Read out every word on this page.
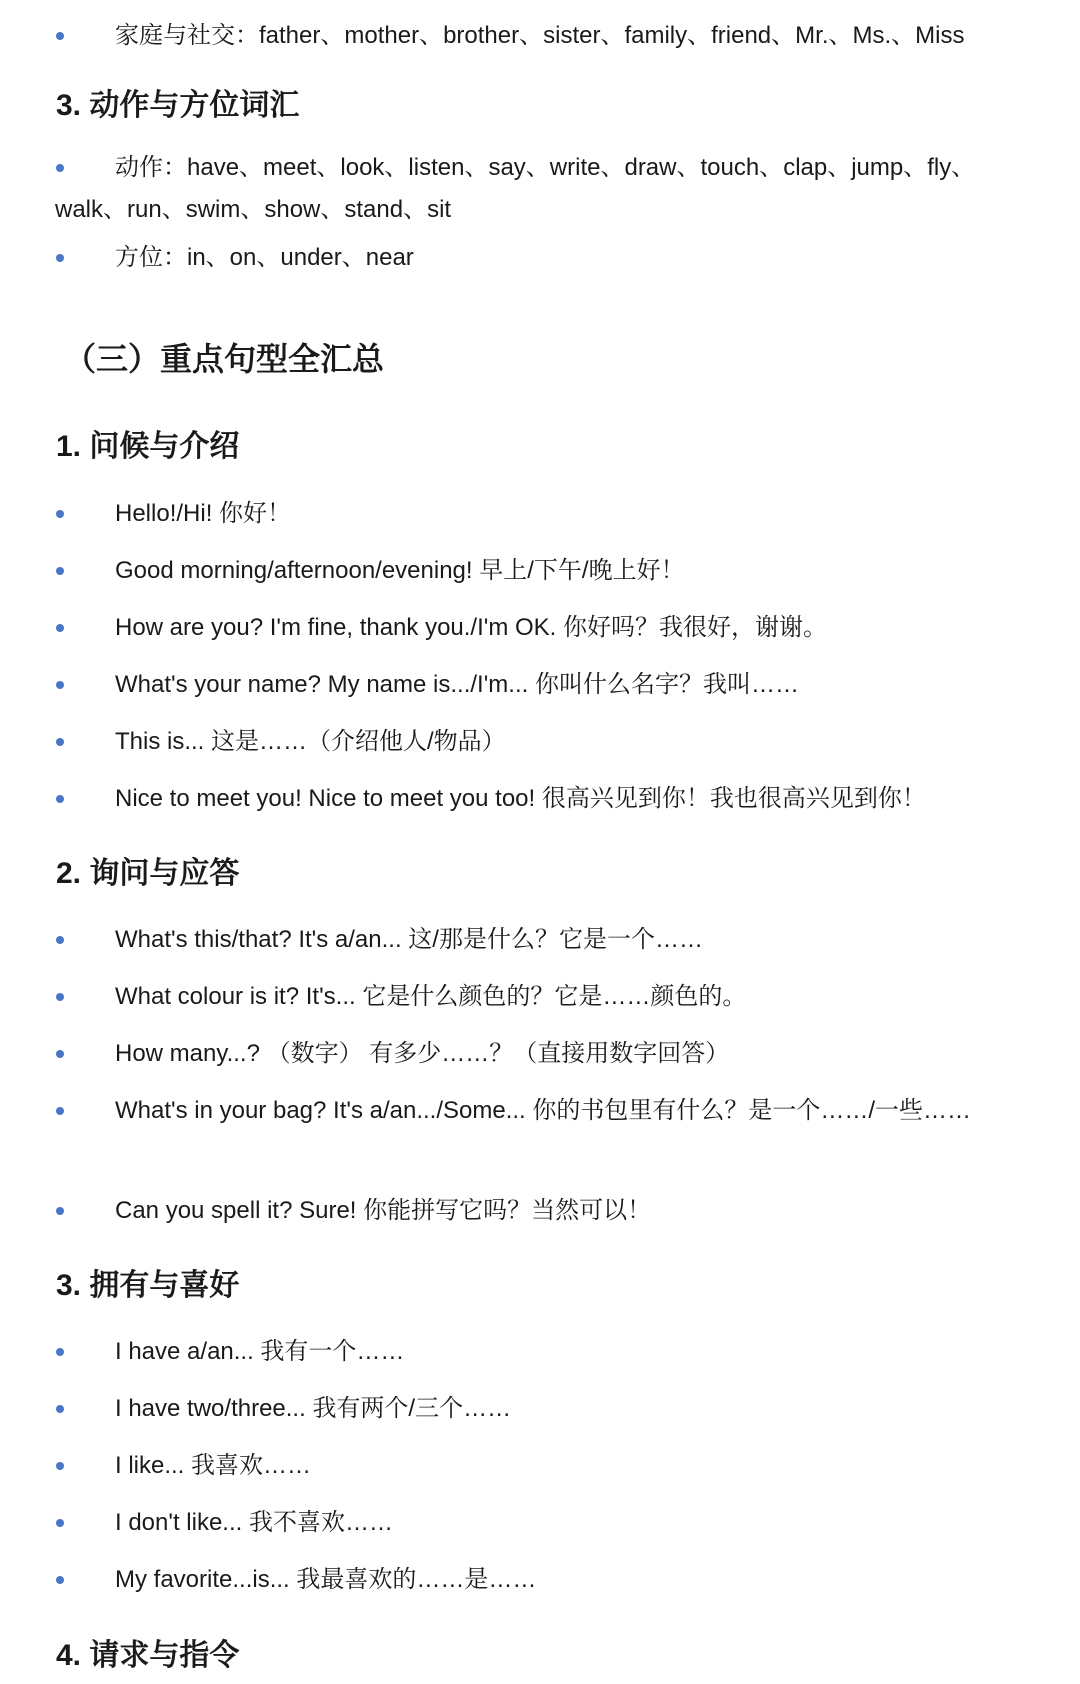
家庭与社交：father、mother、brother、sister、family、friend、Mr.、Ms.、Miss
3. 动作与方位词汇
动作：have、meet、look、listen、say、write、draw、touch、clap、jump、fly、walk、run、swim、show、stand、sit
方位：in、on、under、near
（三）重点句型全汇总
1. 问候与介绍
Hello!/Hi! 你好！
Good morning/afternoon/evening! 早上/下午/晚上好！
How are you? I'm fine, thank you./I'm OK. 你好吗？我很好，谢谢。
What's your name? My name is.../I'm... 你叫什么名字？我叫……
This is... 这是……（介绍他人/物品）
Nice to meet you! Nice to meet you too! 很高兴见到你！我也很高兴见到你！
2. 询问与应答
What's this/that? It's a/an... 这/那是什么？它是一个……
What colour is it? It's... 它是什么颜色的？它是……颜色的。
How many...? （数字） 有多少……？（直接用数字回答）
What's in your bag? It's a/an.../Some... 你的书包里有什么？是一个……/一些……
Can you spell it? Sure! 你能拼写它吗？当然可以！
3. 拥有与喜好
I have a/an... 我有一个……
I have two/three... 我有两个/三个……
I like... 我喜欢……
I don't like... 我不喜欢……
My favorite...is... 我最喜欢的……是……
4. 请求与指令
